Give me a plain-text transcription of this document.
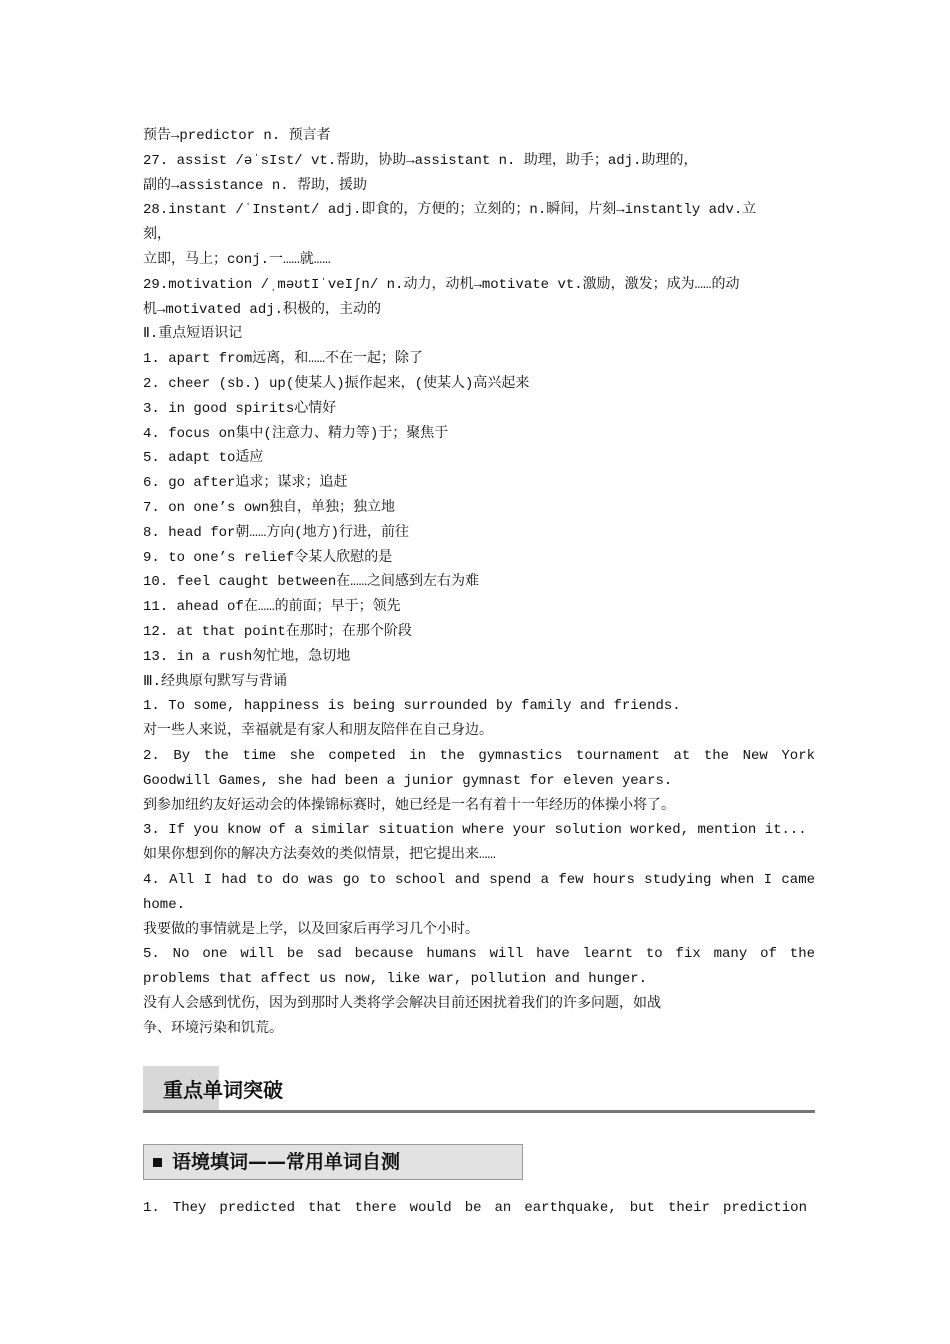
预告→predictor n. 预言者
27. assist /əˈsIst/ vt.帮助，协助→assistant n. 助理，助手；adj.助理的，
副的→assistance n. 帮助，援助
28.instant /ˈInstənt/ adj.即食的，方便的；立刻的；n.瞬间，片刻→instantly adv.立
刻，
立即，马上；conj.一……就……
29.motivation /ˌməʊtIˈveIʃn/ n.动力，动机→motivate vt.激励，激发；成为……的动
机→motivated adj.积极的，主动的
Ⅱ.重点短语识记
1. apart from远离，和……不在一起；除了
2. cheer (sb.) up(使某人)振作起来，(使某人)高兴起来
3. in good spirits心情好
4. focus on集中(注意力、精力等)于；聚焦于
5. adapt to适应
6. go after追求；谋求；追赶
7. on one’s own独自，单独；独立地
8. head for朝……方向(地方)行进，前往
9. to one’s relief令某人欣慰的是
10. feel caught between在……之间感到左右为难
11. ahead of在……的前面；早于；领先
12. at that point在那时；在那个阶段
13. in a rush匆忙地，急切地
Ⅲ.经典原句默写与背诵
1. To some, happiness is being surrounded by family and friends.
对一些人来说，幸福就是有家人和朋友陪伴在自己身边。
2. By the time she competed in the gymnastics tournament at the New York
Goodwill Games, she had been a junior gymnast for eleven years.
到参加纽约友好运动会的体操锦标赛时，她已经是一名有着十一年经历的体操小将了。
3. If you know of a similar situation where your solution worked, mention it...
如果你想到你的解决方法奏效的类似情景，把它提出来……
4. All I had to do was go to school and spend a few hours studying when I came
home.
我要做的事情就是上学，以及回家后再学习几个小时。
5. No one will be sad because humans will have learnt to fix many of the
problems that affect us now, like war, pollution and hunger.
没有人会感到忧伤，因为到那时人类将学会解决目前还困扰着我们的许多问题，如战
争、环境污染和饥荒。
重点单词突破
语境填词——常用单词自测
1. They predicted that there would be an earthquake, but their prediction
